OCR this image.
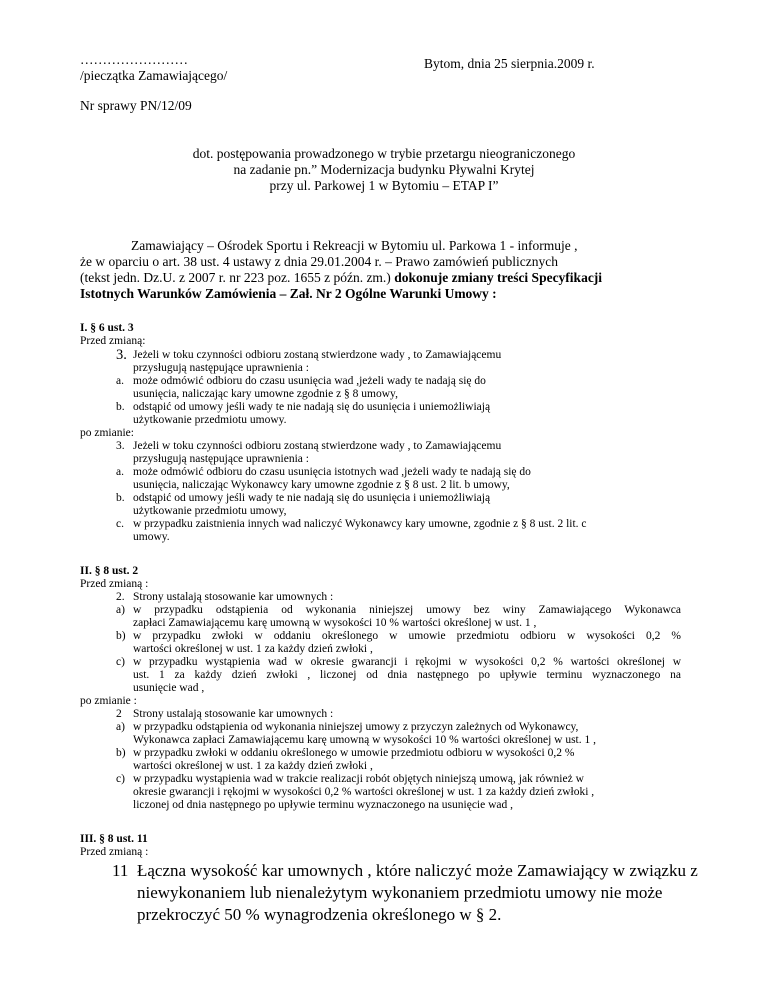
……………………
/pieczątka Zamawiającego/
Bytom, dnia 25 sierpnia.2009 r.
Nr sprawy PN/12/09
dot. postępowania prowadzonego w trybie przetargu nieograniczonego
na zadanie pn.” Modernizacja budynku Pływalni Krytej
przy ul. Parkowej 1 w Bytomiu – ETAP I”
Zamawiający – Ośrodek Sportu i Rekreacji w Bytomiu ul. Parkowa 1 - informuje ,
że w oparciu o art. 38 ust. 4 ustawy z dnia 29.01.2004 r. – Prawo zamówień publicznych
(tekst jedn. Dz.U. z 2007 r. nr 223 poz. 1655 z późn. zm.) dokonuje zmiany treści Specyfikacji
Istotnych Warunków Zamówienia – Zał. Nr 2 Ogólne Warunki Umowy :
I. § 6 ust. 3
Przed zmianą:
3. Jeżeli w toku czynności odbioru zostaną stwierdzone wady , to Zamawiającemu
przysługują następujące uprawnienia :
a. może odmówić odbioru do czasu usunięcia wad ,jeżeli wady te nadają się do
usunięcia, naliczając kary umowne zgodnie z § 8 umowy,
b. odstąpić od umowy jeśli wady te nie nadają się do usunięcia i uniemożliwiają
użytkowanie przedmiotu umowy.
po zmianie:
3. Jeżeli w toku czynności odbioru zostaną stwierdzone wady , to Zamawiającemu
przysługują następujące uprawnienia :
a. może odmówić odbioru do czasu usunięcia istotnych wad ,jeżeli wady te nadają się do
usunięcia, naliczając Wykonawcy kary umowne zgodnie z § 8 ust. 2 lit. b umowy,
b. odstąpić od umowy jeśli wady te nie nadają się do usunięcia i uniemożliwiają
użytkowanie przedmiotu umowy,
c. w przypadku zaistnienia innych wad naliczyć Wykonawcy kary umowne, zgodnie z § 8 ust. 2 lit. c
umowy.
II. § 8 ust. 2
Przed zmianą :
2. Strony ustalają stosowanie kar umownych :
a) w przypadku odstąpienia od wykonania niniejszej umowy bez winy Zamawiającego Wykonawca
zapłaci Zamawiającemu karę umowną w wysokości 10 % wartości określonej w ust. 1 ,
b) w przypadku zwłoki w oddaniu określonego w umowie przedmiotu odbioru w wysokości 0,2 %
wartości określonej w ust. 1 za każdy dzień zwłoki ,
c) w przypadku wystąpienia wad w okresie gwarancji i rękojmi w wysokości 0,2 % wartości określonej w
ust. 1 za każdy dzień zwłoki , liczonej od dnia następnego po upływie terminu wyznaczonego na
usunięcie wad ,
po zmianie :
2 Strony ustalają stosowanie kar umownych :
a) w przypadku odstąpienia od wykonania niniejszej umowy z przyczyn zależnych od Wykonawcy,
Wykonawca zapłaci Zamawiającemu karę umowną w wysokości 10 % wartości określonej w ust. 1 ,
b) w przypadku zwłoki w oddaniu określonego w umowie przedmiotu odbioru w wysokości 0,2 %
wartości określonej w ust. 1 za każdy dzień zwłoki ,
c) w przypadku wystąpienia wad w trakcie realizacji robót objętych niniejszą umową, jak również w
okresie gwarancji i rękojmi w wysokości 0,2 % wartości określonej w ust. 1 za każdy dzień zwłoki ,
liczonej od dnia następnego po upływie terminu wyznaczonego na usunięcie wad ,
III. § 8 ust. 11
Przed zmianą :
11 Łączna wysokość kar umownych , które naliczyć może Zamawiający w związku z
niewykonaniem lub nienależytym wykonaniem przedmiotu umowy nie może
przekroczyć 50 % wynagrodzenia określonego w § 2.
